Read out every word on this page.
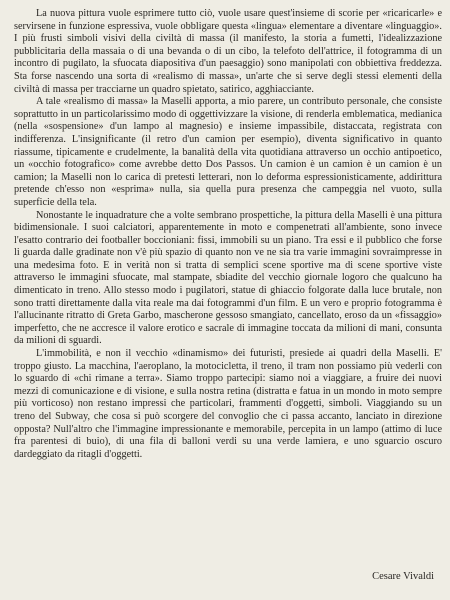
La nuova pittura vuole esprimere tutto ciò, vuole usare quest'insieme di scorie per «ricaricarle» e servirsene in funzione espressiva, vuole obbligare questa «lingua» elementare a diventare «linguaggio». I più frusti simboli visivi della civiltà di massa (il manifesto, la storia a fumetti, l'idealizzazione pubblicitaria della massaia o di una bevanda o di un cibo, la telefoto dell'attrice, il fotogramma di un incontro di pugilato, la sfuocata diapositiva d'un paesaggio) sono manipolati con obbiettiva freddezza. Sta forse nascendo una sorta di «realismo di massa», un'arte che si serve degli stessi elementi della civiltà di massa per tracciarne un quadro spietato, satirico, agghiacciante.

A tale «realismo di massa» la Maselli apporta, a mio parere, un contributo personale, che consiste soprattutto in un particolarissimo modo di oggettivizzare la visione, di renderla emblematica, medianica (nella «sospensione» d'un lampo al magnesio) e insieme impassibile, distaccata, registrata con indifferenza. L'insignificante (il retro d'un camion per esempio), diventa significativo in quanto riassume, tipicamente e crudelmente, la banalità della vita quotidiana attraverso un occhio antipoetico, un «occhio fotografico» come avrebbe detto Dos Passos. Un camion è un camion è un camion è un camion; la Maselli non lo carica di pretesti letterari, non lo deforma espressionisticamente, addirittura pretende ch'esso non «esprima» nulla, sia quella pura presenza che campeggia nel vuoto, sulla superficie della tela.

Nonostante le inquadrature che a volte sembrano prospettiche, la pittura della Maselli è una pittura bidimensionale. I suoi calciatori, apparentemente in moto e compenetrati all'ambiente, sono invece l'esatto contrario dei footballer boccioniani: fissi, immobili su un piano. Tra essi e il pubblico che forse li guarda dalle gradinate non v'è più spazio di quanto non ve ne sia tra varie immagini sovraimpresse in una medesima foto. E in verità non si tratta di semplici scene sportive ma di scene sportive viste attraverso le immagini sfuocate, mal stampate, sbiadite del vecchio giornale logoro che qualcuno ha dimenticato in treno. Allo stesso modo i pugilatori, statue di ghiaccio folgorate dalla luce brutale, non sono tratti direttamente dalla vita reale ma dai fotogrammi d'un film. E un vero e proprio fotogramma è l'allucinante ritratto di Greta Garbo, mascherone gessoso smangiato, cancellato, eroso da un «fissaggio» imperfetto, che ne accresce il valore erotico e sacrale di immagine toccata da milioni di mani, consunta da milioni di sguardi.

L'immobilità, e non il vecchio «dinamismo» dei futuristi, presiede ai quadri della Maselli. E' troppo giusto. La macchina, l'aeroplano, la motocicletta, il treno, il tram non possiamo più vederli con lo sguardo di «chi rimane a terra». Siamo troppo partecipi: siamo noi a viaggiare, a fruire dei nuovi mezzi di comunicazione e di visione, e sulla nostra retina (distratta e fatua in un mondo in moto sempre più vorticoso) non restano impressi che particolari, frammenti d'oggetti, simboli. Viaggiando su un treno del Subway, che cosa si può scorgere del convoglio che ci passa accanto, lanciato in direzione opposta? Null'altro che l'immagine impressionante e memorabile, percepita in un lampo (attimo di luce fra parentesi di buio), di una fila di balloni verdi su una verde lamiera, e uno sguarcio oscuro dardeggiato da ritagli d'oggetti.

Cesare Vivaldi
